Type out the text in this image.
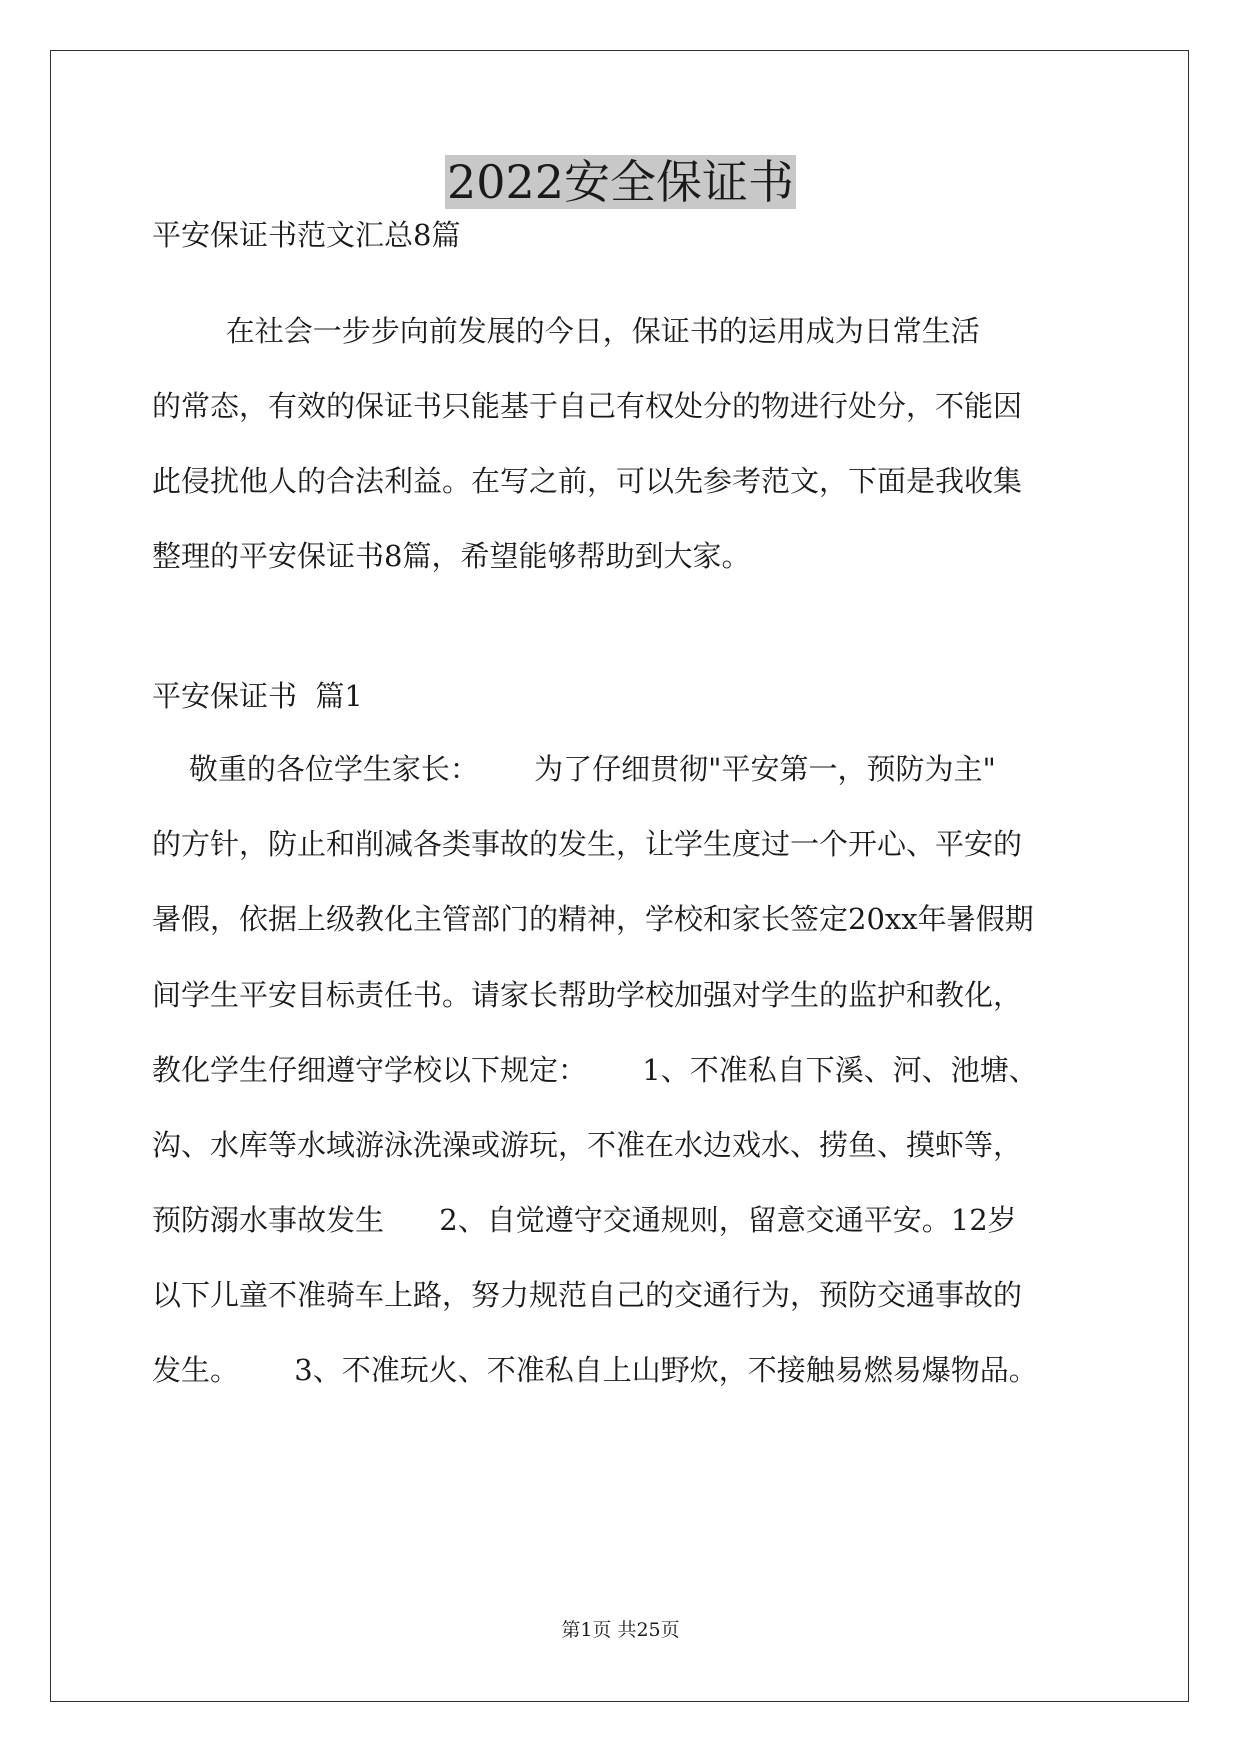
2022安全保证书
平安保证书范文汇总8篇
在社会一步步向前发展的今日，保证书的运用成为日常生活
的常态，有效的保证书只能基于自己有权处分的物进行处分，不能因
此侵扰他人的合法利益。在写之前，可以先参考范文，下面是我收集
整理的平安保证书8篇，希望能够帮助到大家。
平安保证书  篇1
敬重的各位学生家长：      为了仔细贯彻"平安第一，预防为主"
的方针，防止和削减各类事故的发生，让学生度过一个开心、平安的
暑假，依据上级教化主管部门的精神，学校和家长签定20xx年暑假期
间学生平安目标责任书。请家长帮助学校加强对学生的监护和教化，
教化学生仔细遵守学校以下规定：      1、不准私自下溪、河、池塘、
沟、水库等水域游泳洗澡或游玩，不准在水边戏水、捞鱼、摸虾等，
预防溺水事故发生      2、自觉遵守交通规则，留意交通平安。12岁
以下儿童不准骑车上路，努力规范自己的交通行为，预防交通事故的
发生。      3、不准玩火、不准私自上山野炊，不接触易燃易爆物品。
第1页 共25页
